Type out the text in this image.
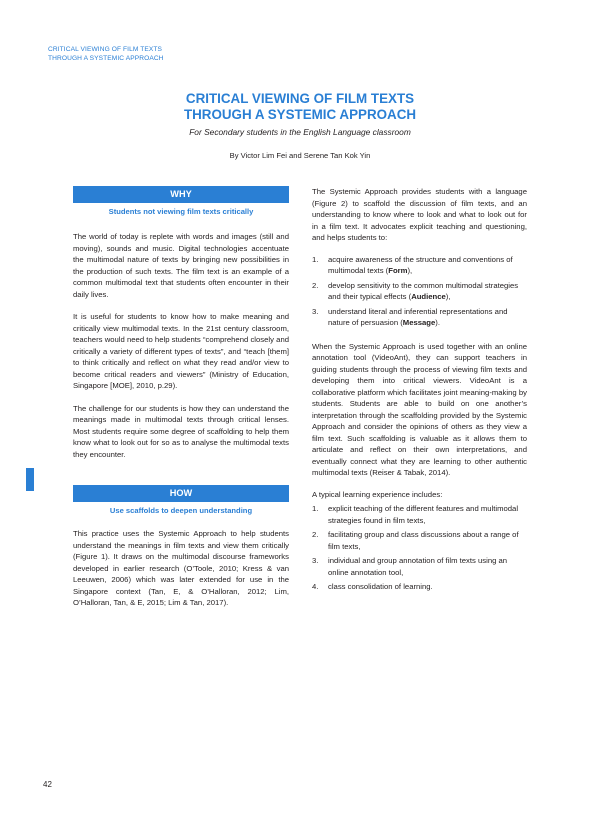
CRITICAL VIEWING OF FILM TEXTS
THROUGH A SYSTEMIC APPROACH
CRITICAL VIEWING OF FILM TEXTS
THROUGH A SYSTEMIC APPROACH
For Secondary students in the English Language classroom
By Victor Lim Fei and Serene Tan Kok Yin
WHY
Students not viewing film texts critically

The world of today is replete with words and images (still and moving), sounds and music. Digital technologies accentuate the multimodal nature of texts by bringing new possibilities in the production of such texts. The film text is an example of a common multimodal text that students often encounter in their daily lives.

It is useful for students to know how to make meaning and critically view multimodal texts. In the 21st century classroom, teachers would need to help students “comprehend closely and critically a variety of different types of texts”, and “teach [them] to think critically and reflect on what they read and/or view to become critical readers and viewers” (Ministry of Education, Singapore [MOE], 2010, p.29).

The challenge for our students is how they can understand the meanings made in multimodal texts through critical lenses. Most students require some degree of scaffolding to help them know what to look out for so as to analyse the multimodal texts they encounter.

HOW
Use scaffolds to deepen understanding

This practice uses the Systemic Approach to help students understand the meanings in film texts and view them critically (Figure 1). It draws on the multimodal discourse frameworks developed in earlier research (O’Toole, 2010; Kress & van Leeuwen, 2006) which was later extended for use in the Singapore context (Tan, E, & O’Halloran, 2012; Lim, O’Halloran, Tan, & E, 2015; Lim & Tan, 2017).

The Systemic Approach provides students with a language (Figure 2) to scaffold the discussion of film texts, and an understanding to know where to look and what to look out for in a film text. It advocates explicit teaching and questioning, and helps students to:

1. acquire awareness of the structure and conventions of multimodal texts (Form),
2. develop sensitivity to the common multimodal strategies and their typical effects (Audience),
3. understand literal and inferential representations and nature of persuasion (Message).

When the Systemic Approach is used together with an online annotation tool (VideoAnt), they can support teachers in guiding students through the process of viewing film texts and developing them into critical viewers. VideoAnt is a collaborative platform which facilitates joint meaning-making by students. Students are able to build on one another’s interpretation through the scaffolding provided by the Systemic Approach and consider the opinions of others as they view a film text. Such scaffolding is valuable as it allows them to articulate and reflect on their own interpretations, and eventually connect what they are learning to other authentic multimodal texts (Reiser & Tabak, 2014).

A typical learning experience includes:

1. explicit teaching of the different features and multimodal strategies found in film texts,
2. facilitating group and class discussions about a range of film texts,
3. individual and group annotation of film texts using an online annotation tool,
4. class consolidation of learning.
42
